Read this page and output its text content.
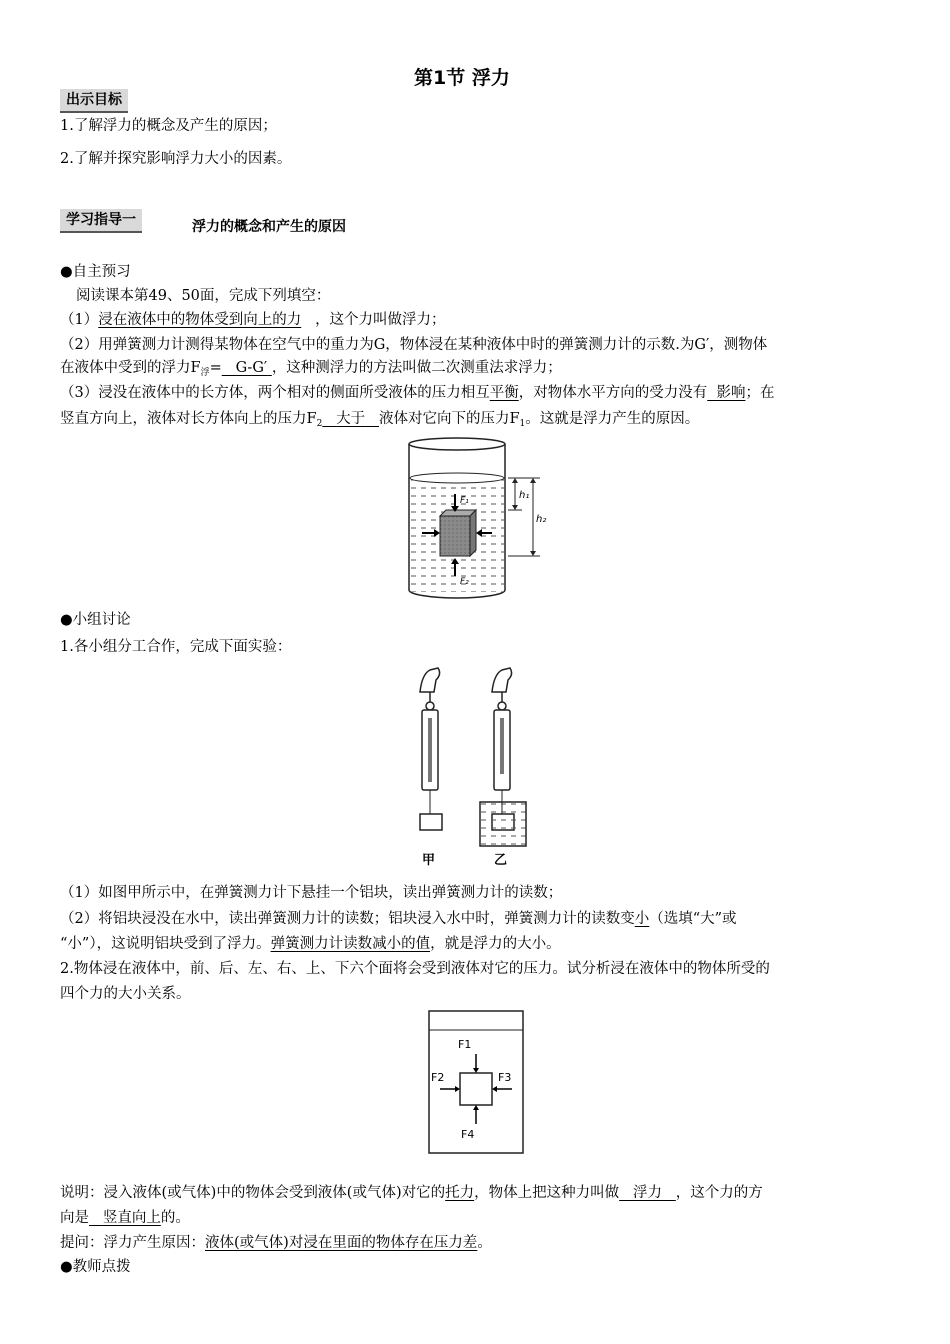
第1节 浮力
出示目标
1.了解浮力的概念及产生的原因；
2.了解并探究影响浮力大小的因素。
学习指导一	浮力的概念和产生的原因
●自主预习
阅读课本第49、50面，完成下列填空：
（1）浸在液体中的物体受到向上的力 ，这个力叫做浮力；
（2）用弹簧测力计测得某物体在空气中的重力为G，物体浸在某种液体中时的弹簧测力计的示数.为G′，测物体
在液体中受到的浮力$F_浮= G-G'$ ，这种测浮力的方法叫做二次测重法求浮力；
（3）浸没在液体中的长方体，两个相对的侧面所受液体的压力相互平衡，对物体水平方向的受力没有 影响；在
竖直方向上，液体对长方体向上的压力$F_2$ 大于 液体对它向下的压力$F_1$。这就是浮力产生的原因。
F₁
F₂
h₁
h₂
●小组讨论
1.各小组分工合作，完成下面实验：
甲	乙
（1）如图甲所示中，在弹簧测力计下悬挂一个铝块，读出弹簧测力计的读数；
（2）将铝块浸没在水中，读出弹簧测力计的读数；铝块浸入水中时，弹簧测力计的读数变小（选填“大”或
“小”），这说明铝块受到了浮力。弹簧测力计读数减小的值，就是浮力的大小。
2.物体浸在液体中，前、后、左、右、上、下六个面将会受到液体对它的压力。试分析浸在液体中的物体所受的
四个力的大小关系。
F1
F2	F3
F4
说明：浸入液体(或气体)中的物体会受到液体(或气体)对它的托力，物体上把这种力叫做 浮力 ，这个力的方
向是 竖直向上的。
提问：浮力产生原因：液体(或气体)对浸在里面的物体存在压力差。
●教师点拨
